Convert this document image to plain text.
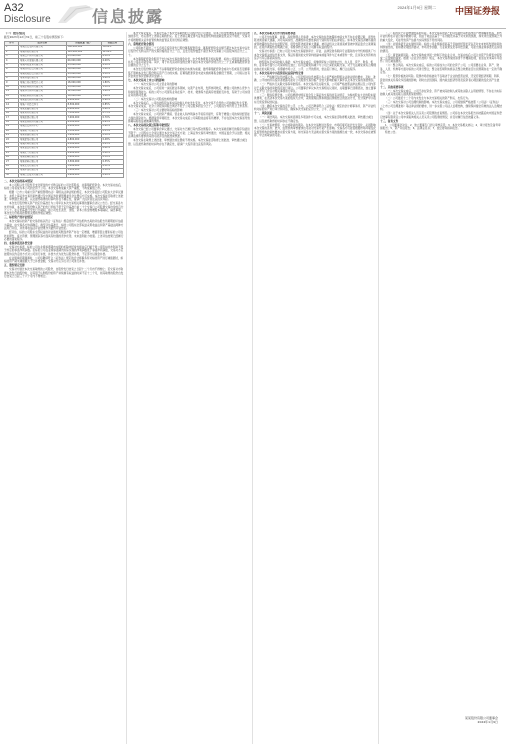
A32
Disclosure	信息披露	2024年1月9日 星期二 中国证券报
（一）股东情况
截至2023年12月31日，前三十名股东情况如下：
序号	股东名称	持股数量（股）	持股比例
1	某某投资集团有限公司	360,000,000	36.00%
2	某某控股有限公司	120,000,000	12.00%
3	某某资产管理有限公司	85,000,000	8.50%
4	某某实业发展有限公司	60,000,000	6.00%
5	某某国际贸易有限公司	45,000,000	4.50%
6	某某创业投资有限公司	30,000,000	3.00%
7	某某股权投资合伙企业	25,000,000	2.50%
8	某某科技有限公司	20,000,000	2.00%
9	某某信托有限责任公司	18,000,000	1.80%
10	某某证券股份有限公司	15,000,000	1.50%
11	某某基金管理有限公司	12,000,000	1.20%
12	某某保险股份有限公司	10,000,000	1.00%
13	某某银行股份有限公司	9,000,000	0.90%
14	某某产业投资基金	8,500,000	0.85%
15	某某发展有限公司	8,000,000	0.80%
16	某某置业有限公司	7,500,000	0.75%
17	某某能源有限公司	7,000,000	0.70%
18	某某集团股份有限公司	6,500,000	0.65%
19	某某投资管理中心	6,000,000	0.60%
20	某某电子有限公司	5,500,000	0.55%
21	某某物流有限公司	5,000,000	0.50%
22	某某建设有限公司	4,800,000	0.48%
23	某某医药有限公司	4,500,000	0.45%
24	某某食品有限公司	4,200,000	0.42%
25	某某化工有限公司	4,000,000	0.40%
26	某某机械有限公司	3,800,000	0.38%
27	某某材料有限公司	3,500,000	0.35%
28	某某文化有限公司	3,200,000	0.32%
29	某某环保有限公司	3,000,000	0.30%
30	某某信息技术有限公司	2,800,000	0.28%

二、本次交易的基本情况

本公司拟以发行股份及支付现金的方式购买标的公司全部股权，并募集配套资金。本次交易完成后，标的公司将成为本公司的全资子公司。本次交易构成重大资产重组，不构成重组上市。

根据《上市公司重大资产重组管理办法》等相关法律法规的规定，本次交易需经公司股东大会审议通过，并经上海证券交易所审核通过及中国证券监督管理委员会注册后方可实施。本次交易能否取得上述批准、审核通过或注册，以及最终取得的时间均存在不确定性，提请广大投资者注意投资风险。

本次发行股份购买资产的定价基准日为公司审议本次交易相关事项的董事会决议公告日。经交易各方友好协商，本次发行股份购买资产的发行价格不低于定价基准日前二十个交易日公司股票交易均价的百分之八十。在定价基准日至发行日期间，如公司发生派息、送股、资本公积金转增股本等除权、除息事项，本次发行价格将按照相关规则作相应调整。

三、标的资产的评估情况

本次交易标的资产的交易价格以符合《证券法》规定的资产评估机构出具的评估报告所载明的评估值为基础，由交易各方协商确定。截至评估基准日，标的公司股东全部权益采用收益法和资产基础法两种方法进行评估，并选用收益法评估结果作为最终评估结论。

经评估，标的公司股东全部权益的评估值较其账面净资产存在一定增值，增值原因主要系标的公司在技术研发、客户资源、管理团队等方面具有较强的竞争优势，未来盈利能力较强。上述评估结果已经履行必要的备案程序。

四、业绩承诺及补偿安排

交易对方承诺，标的公司在业绩承诺期内实现的扣除非经常性损益后归属于母公司股东的净利润不低于约定的承诺净利润数。若标的公司在业绩承诺期内实际实现的净利润数低于承诺净利润数，交易对方应按照协议约定的方式对公司进行补偿，补偿方式为优先以股份补偿，不足部分以现金补偿。

在业绩承诺期届满时，公司将聘请符合《证券法》规定的会计师事务所对标的资产进行减值测试，如标的资产期末减值额大于已补偿金额，交易对方应另行对公司进行补偿。

五、股份锁定安排

交易对方通过本次交易取得的公司股份，自股份发行结束之日起十二个月内不得转让；若交易对方取得本次发行的股份时，对其用于认购股份的资产持续拥有权益的时间不足十二个月，则其取得的股份自发行结束之日起三十六个月内不得转让。

本次交易完成后，交易对方基于本次交易取得的公司股份因公司送股、资本公积金转增股本等原因而增加的部分，亦应遵守上述锁定期的约定。若上述锁定期安排与证券监管机构的最新监管意见不相符，交易对方将根据相关证券监管机构的监管意见进行相应调整。

六、募集配套资金情况

公司拟向不超过三十五名特定投资者发行股份募集配套资金，募集配套资金总额不超过本次交易中以发行股份方式购买资产的交易价格的百分之一百，且发行股份数量不超过本次交易前公司总股本的百分之三十。

本次募集配套资金拟用于支付本次交易的现金对价、中介机构费用及相关税费、标的公司项目建设以及补充公司流动资金等。其中，用于补充流动资金的比例不超过本次交易作价的百分之二十五或募集配套资金总额的百分之五十。

本次发行股份购买资产不以募集配套资金的成功实施为前提，最终募集配套资金成功与否或是否足额募集不影响本次发行股份购买资产行为的实施。若募集配套资金未能实施或募集金额低于预期，公司将以自有资金或自筹资金解决资金缺口。

七、本次交易对上市公司的影响

（一）本次交易对公司主营业务的影响

本次交易完成后，公司将进一步拓展业务领域，完善产业布局，发挥协同效应，增强公司的核心竞争力和持续盈利能力。标的公司与公司现有业务在客户、技术、渠道等方面具有较强的互补性，有助于公司实现业务的协同发展。

（二）本次交易对公司股权结构的影响

本次交易前后，公司的控股股东和实际控制人均未发生变化，本次交易不会导致公司控制权发生变更。本次交易完成后，社会公众股东持股比例仍不低于公司总股本的百分之十，公司股权分布仍符合上市条件。

（三）本次交易对公司主要财务指标的影响

本次交易完成后，公司的资产规模、营业收入和净利润水平将有所提升，有利于增强公司的持续经营能力和抗风险能力。根据备考审阅报告，本次交易完成后公司每股收益将有所增厚，不存在因本次交易而导致即期每股收益被摊薄的情形。

八、本次交易的决策过程和审批情况

本次交易已经公司董事会审议通过，交易对方已履行其内部决策程序。本次交易尚需履行的程序包括但不限于：公司股东大会审议通过本次交易正式方案；上海证券交易所审核通过；中国证监会予以注册；相关法律法规所要求的其他可能涉及的批准或核准。

本次交易在取得上述批准、审核通过或注册前不得实施。本次交易能否取得上述批准、审核通过或注册，以及最终取得的时间均存在不确定性，提请广大投资者注意投资风险。

九、本次交易相关方作出的重要承诺

公司及全体董事、监事、高级管理人员承诺：本次交易的信息披露和申请文件不存在虚假记载、误导性陈述或者重大遗漏，并对其真实性、准确性和完整性承担个别和连带的法律责任。如本次交易因涉嫌所提供或者披露的信息存在虚假记载、误导性陈述或者重大遗漏，被司法机关立案侦查或者被中国证监会立案调查的，在案件调查结论明确之前，将暂停转让其在公司拥有权益的股份。

交易对方承诺：已向公司及为本次交易提供审计、评估、法律及财务顾问专业服务的中介机构提供了与本次交易相关的信息和文件，保证所提供的文件资料的副本或复印件与正本或原件一致，且该等文件资料的签字与印章都是真实的。

控股股东及实际控制人承诺：本次交易完成后，将继续保持公司的独立性，在人员、资产、财务、机构、业务等方面与公司保持相互独立；将尽量避免和减少与公司之间的关联交易，对于无法避免或有合理理由存在的关联交易，将遵循市场公正、公平、公开的原则，依法签订协议，履行合法程序。

十、本次交易对中小投资者权益保护的安排

（一）严格履行信息披露义务。公司及相关信息披露义务人将严格按照相关法律法规的要求，及时、准确、公平地向所有投资者披露可能对公司股票交易价格产生较大影响的重大事件以及本次交易的进展情况。

（二）严格执行关联交易等审批程序。本次交易涉及关联交易，公司将严格按照法律法规以及公司内部对于关联交易的审批程序进行审议。公司董事会审议本次交易相关议案时，关联董事已回避表决，独立董事已召开专门会议对相关事项进行审议。

（三）网络投票安排。公司将根据中国证监会及上海证券交易所的有关规定，为参加股东大会的股东提供便利，在表决本次交易方案的股东大会中，采用现场投票和网络投票相结合的表决方式，充分保护中小股东行使投票权的权益。

（四）确保本次交易的定价公平、公允。公司已聘请符合《证券法》规定的会计师事务所、资产评估机构对标的资产进行审计和评估，确保本次交易的定价公允、公平、合理。

十一、风险因素

（一）审批风险。本次交易尚需满足多项条件方可完成，本次交易能否取得相关批准、审核通过或注册，以及最终取得的时间存在不确定性。

（二）交易被暂停、中止或取消的风险。在本次交易推进过程中，市场环境可能会发生变化，从而影响本次交易的条件；此外，监管机构审核要求也可能对交易方案产生影响。交易各方可能需根据市场环境变化及监管机构的审核要求完善交易方案，如交易各方无法就完善交易方案的措施达成一致，本次交易存在被暂停、中止或取消的可能。

（三）标的资产评估增值较高的风险。本次交易标的资产的评估值较其账面净资产增值幅度较高，虽然评估机构在评估过程中勤勉尽责，但由于收益法基于一系列假设并基于对未来的预测，如未来出现预期之外的重大变化，可能导致资产估值与实际情况不符的风险。

（四）业绩承诺无法实现的风险。标的公司业绩承诺是基于目前的经营状况以及对未来市场发展前景的判断做出的，但如遇宏观经济波动、市场竞争加剧、行业政策变化等冲击因素，可能出现业绩承诺无法实现的情况。

（五）商誉减值风险。本次交易构成非同一控制下的企业合并，交易完成后公司合并资产负债表中将形成一定金额的商誉。根据《企业会计准则》规定，本次交易形成的商誉不作摊销处理，但需在未来每年年度终了进行减值测试。

（六）整合风险。本次交易完成后，标的公司将成为公司的全资子公司，公司需要在业务、资产、财务、人员、机构等方面对标的公司进行整合，整合能否顺利实施以及整合效果能否达到预期存在一定的不确定性。

（七）股票价格波动风险。股票市场价格波动不仅取决于企业的经营业绩，还受宏观经济周期、利率、资金供求关系等众多因素的影响，同时也会因国际、国内政治经济形势及投资者心理因素的变化而产生波动。

十二、其他重要事项

（一）本次交易完成后，公司不存在资金、资产被实际控制人或其他关联人占用的情形，不存在为实际控制人或其他关联人提供担保的情形。

（二）公司最近十二个月内未发生与本次交易相关的资产购买、出售行为。

（三）本次交易对公司治理机制的影响。本次交易完成后，公司将继续严格按照《公司法》《证券法》《上市公司治理准则》等法律法规的要求，进一步完善公司法人治理结构，继续保持健全有效的法人治理结构。

（四）关于本次交易相关人员买卖公司股票的自查情况。公司将在本次交易报告书披露后向中国证券登记结算有限责任公司申请查询相关人员买卖公司股票的情况，并及时履行信息披露义务。

十三、备查文件

1、公司董事会决议；2、独立董事专门会议审核意见；3、本次交易相关协议；4、审计报告及备考审阅报告；5、资产评估报告；6、法律意见书；7、独立财务顾问报告。

特此公告。

某某股份有限公司董事会
2024年1月9日
